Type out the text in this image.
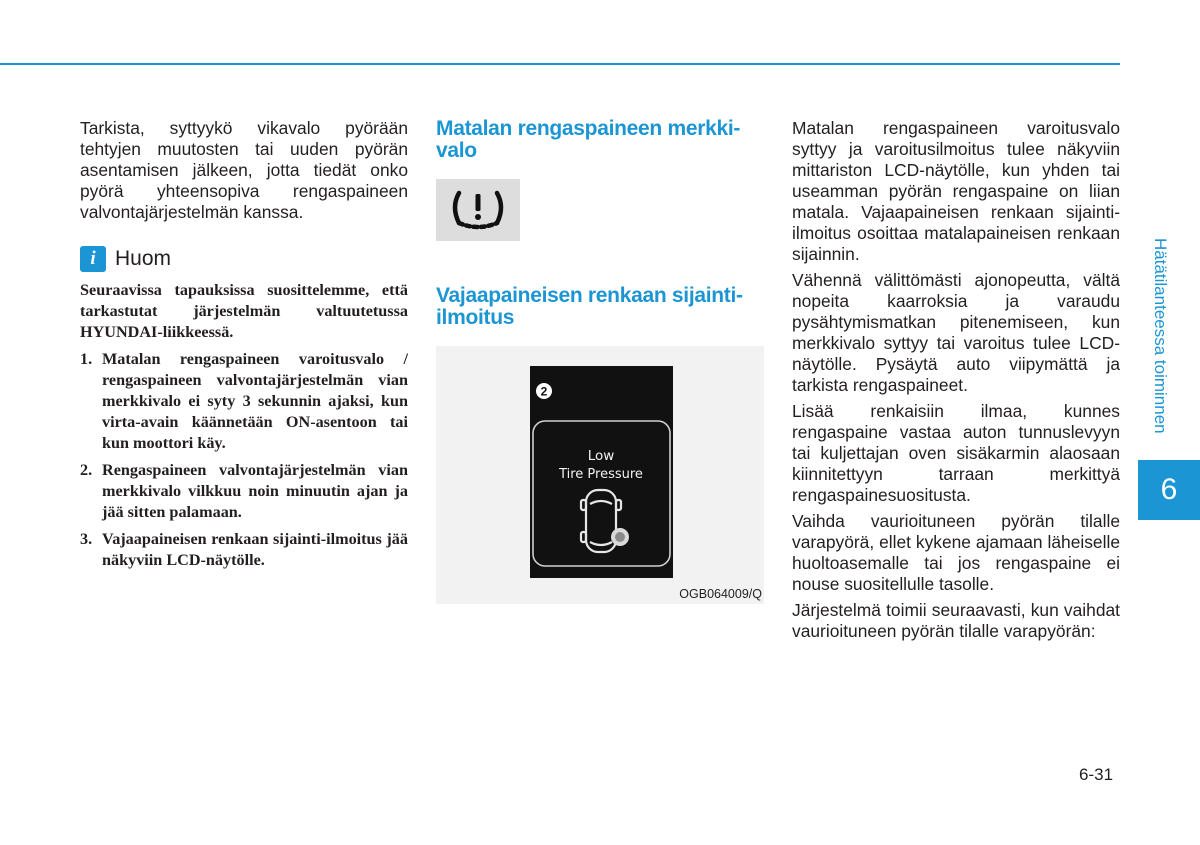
Hätätilanteessa toiminnen
6

Tarkista, syttyykö vikavalo pyörään tehtyjen muutosten tai uuden pyörän asentamisen jälkeen, jotta tiedät onko pyörä yhteensopiva rengaspaineen valvontajärjestelmän kanssa.

i Huom
Seuraavissa tapauksissa suosittelemme, että tarkastutat järjestelmän valtuutetussa HYUNDAI-liikkeessä.
1. Matalan rengaspaineen varoitusvalo / rengaspaineen valvontajärjestelmän vian merkkivalo ei syty 3 sekunnin ajaksi, kun virta-avain käännetään ON-asentoon tai kun moottori käy.
2. Rengaspaineen valvontajärjestelmän vian merkkivalo vilkkuu noin minuutin ajan ja jää sitten palamaan.
3. Vajaapaineisen renkaan sijainti-ilmoitus jää näkyviin LCD-näytölle.
Matalan rengaspaineen merkki-valo
Vajaapaineisen renkaan sijainti-ilmoitus
2
Low
Tire Pressure
OGB064009/Q

Matalan rengaspaineen varoitusvalo syttyy ja varoitusilmoitus tulee näkyviin mittariston LCD-näytölle, kun yhden tai useamman pyörän rengaspaine on liian matala. Vajaapaineisen renkaan sijainti-ilmoitus osoittaa matalapaineisen renkaan sijainnin.

Vähennä välittömästi ajonopeutta, vältä nopeita kaarroksia ja varaudu pysähtymismatkan pitenemiseen, kun merkkivalo syttyy tai varoitus tulee LCD-näytölle. Pysäytä auto viipymättä ja tarkista rengaspaineet.

Lisää renkaisiin ilmaa, kunnes rengaspaine vastaa auton tunnuslevyyn tai kuljettajan oven sisäkarmin alaosaan kiinnitettyyn tarraan merkittyä rengaspainesuositusta.

Vaihda vaurioituneen pyörän tilalle varapyörä, ellet kykene ajamaan läheiselle huoltoasemalle tai jos rengaspaine ei nouse suositellulle tasolle.

Järjestelmä toimii seuraavasti, kun vaihdat vaurioituneen pyörän tilalle varapyörän:

6-31
